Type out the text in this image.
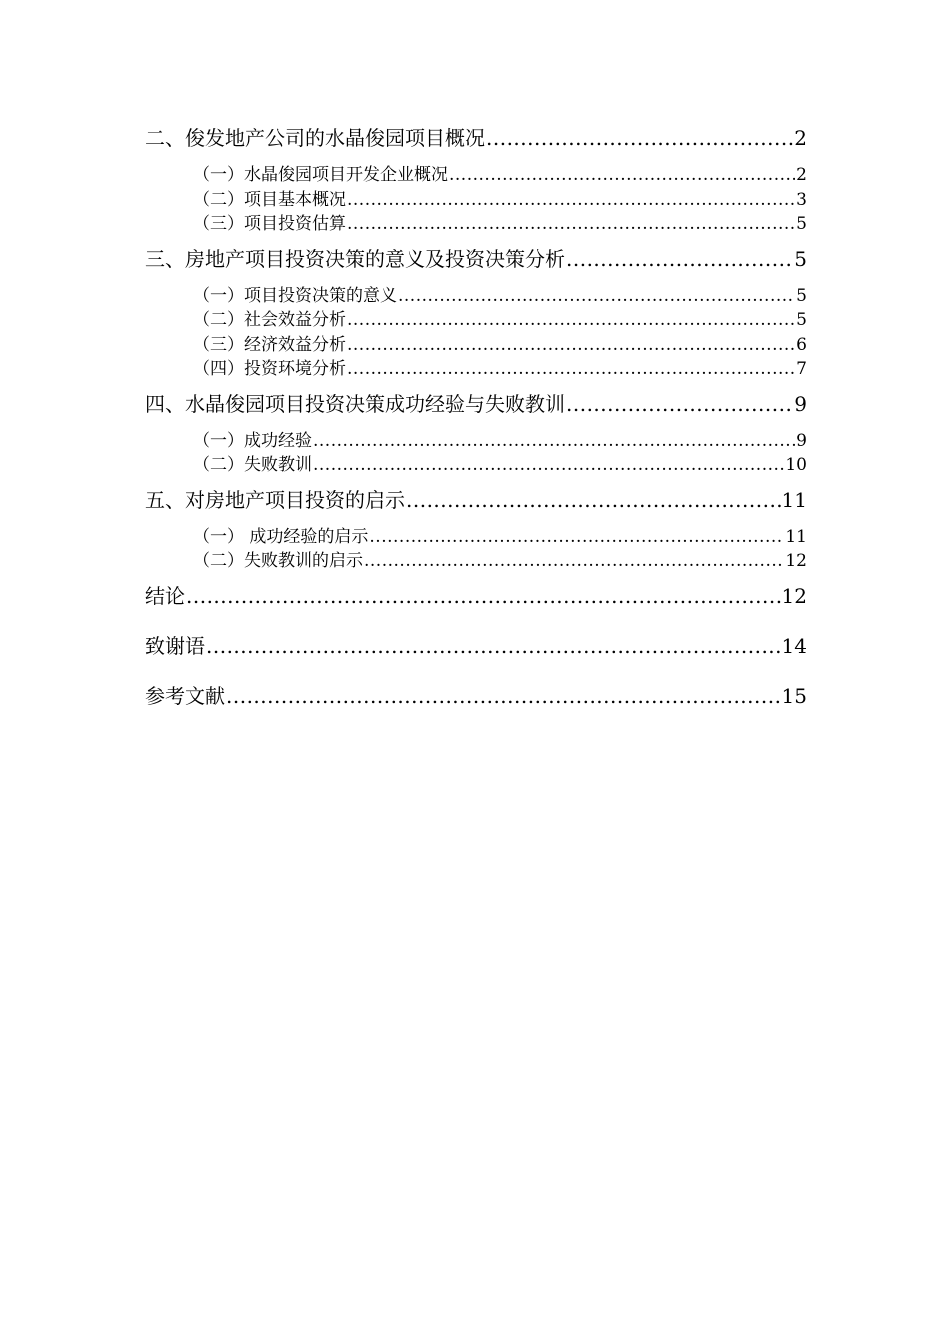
二、俊发地产公司的水晶俊园项目概况 .....	2
（一）水晶俊园项目开发企业概况 .....	2
（二）项目基本概况 .....	3
（三）项目投资估算 .....	5
三、房地产项目投资决策的意义及投资决策分析 .....	5
（一）项目投资决策的意义 .....	5
（二）社会效益分析 .....	5
（三）经济效益分析 .....	6
（四）投资环境分析 .....	7
四、水晶俊园项目投资决策成功经验与失败教训 .....	9
（一）成功经验 .....	9
（二）失败教训 .....	10
五、对房地产项目投资的启示 .....	11
（一） 成功经验的启示 .....	11
（二）失败教训的启示 .....	12
结论 .....	12
致谢语 .....	14
参考文献 .....	15
